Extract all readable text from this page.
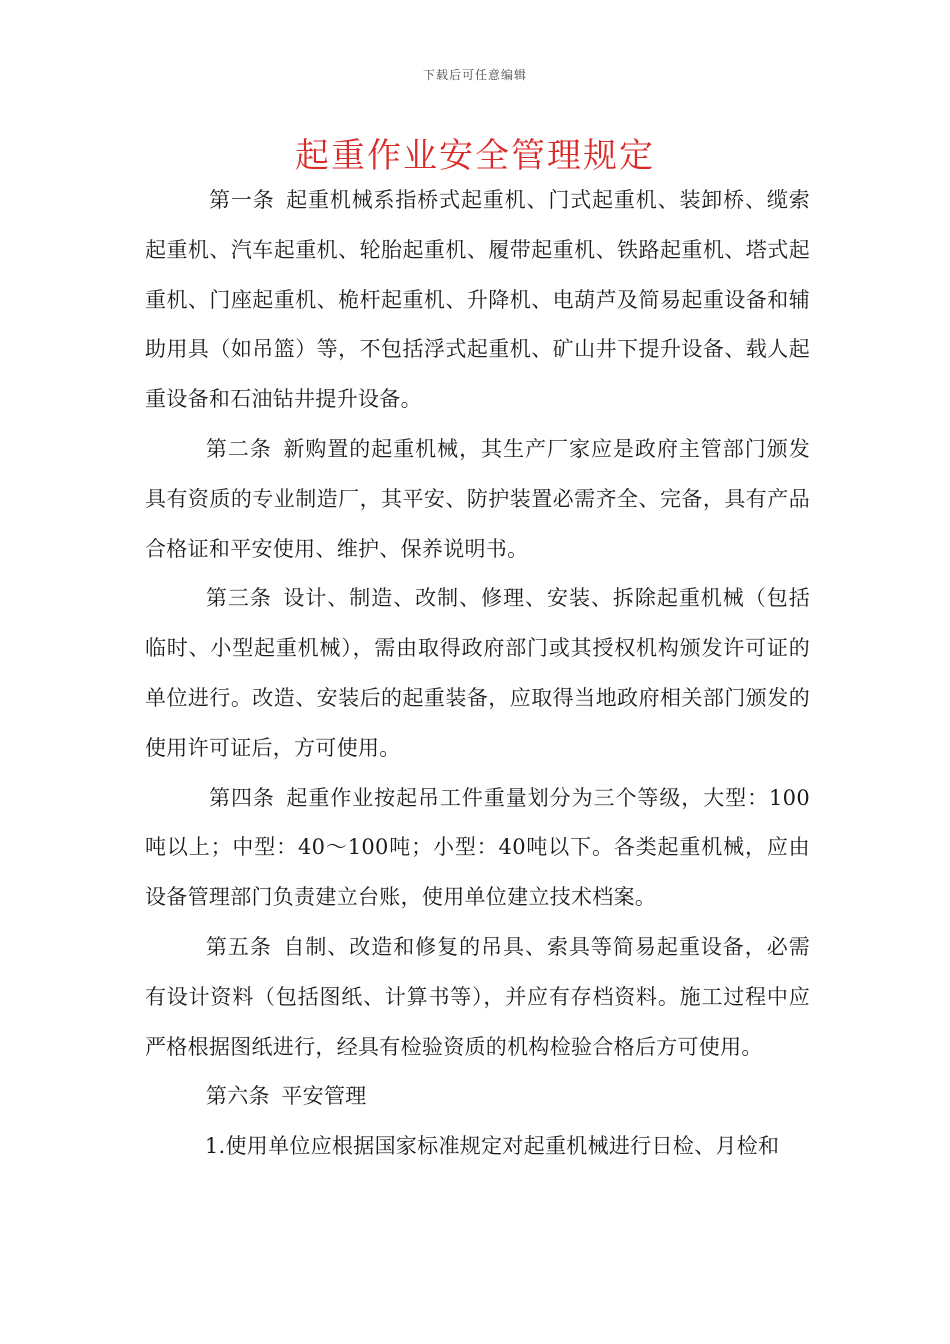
下载后可任意编辑
起重作业安全管理规定

第一条 起重机械系指桥式起重机、门式起重机、装卸桥、缆索起重机、汽车起重机、轮胎起重机、履带起重机、铁路起重机、塔式起重机、门座起重机、桅杆起重机、升降机、电葫芦及简易起重设备和辅助用具（如吊篮）等，不包括浮式起重机、矿山井下提升设备、载人起重设备和石油钻井提升设备。

第二条 新购置的起重机械，其生产厂家应是政府主管部门颁发具有资质的专业制造厂，其平安、防护装置必需齐全、完备，具有产品合格证和平安使用、维护、保养说明书。

第三条 设计、制造、改制、修理、安装、拆除起重机械（包括临时、小型起重机械），需由取得政府部门或其授权机构颁发许可证的单位进行。改造、安装后的起重装备，应取得当地政府相关部门颁发的使用许可证后，方可使用。

第四条 起重作业按起吊工件重量划分为三个等级，大型：100吨以上；中型：40～100吨；小型：40吨以下。各类起重机械，应由设备管理部门负责建立台账，使用单位建立技术档案。

第五条 自制、改造和修复的吊具、索具等简易起重设备，必需有设计资料（包括图纸、计算书等），并应有存档资料。施工过程中应严格根据图纸进行，经具有检验资质的机构检验合格后方可使用。

第六条 平安管理

1.使用单位应根据国家标准规定对起重机械进行日检、月检和
